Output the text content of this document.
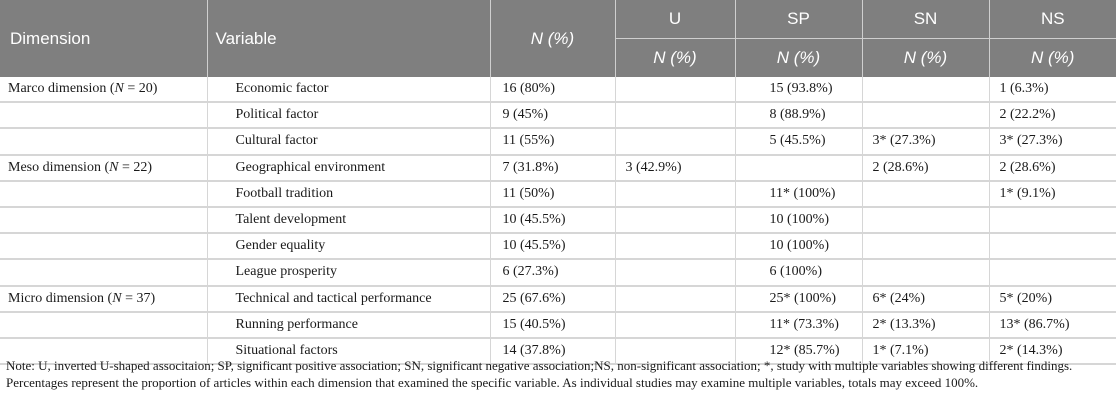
Dimension	Variable	N (%)	U	SP	SN	NS
			N (%)	N (%)	N (%)	N (%)
Marco dimension (N = 20)	Economic factor	16 (80%)		15 (93.8%)		1 (6.3%)
	Political factor	9 (45%)		8 (88.9%)		2 (22.2%)
	Cultural factor	11 (55%)		5 (45.5%)	3* (27.3%)	3* (27.3%)
Meso dimension (N = 22)	Geographical environment	7 (31.8%)	3 (42.9%)		2 (28.6%)	2 (28.6%)
	Football tradition	11 (50%)		11* (100%)		1* (9.1%)
	Talent development	10 (45.5%)		10 (100%)		
	Gender equality	10 (45.5%)		10 (100%)		
	League prosperity	6 (27.3%)		6 (100%)		
Micro dimension (N = 37)	Technical and tactical performance	25 (67.6%)		25* (100%)	6* (24%)	5* (20%)
	Running performance	15 (40.5%)		11* (73.3%)	2* (13.3%)	13* (86.7%)
	Situational factors	14 (37.8%)		12* (85.7%)	1* (7.1%)	2* (14.3%)
Note: U, inverted U-shaped associtaion; SP, significant positive association; SN, significant negative association;NS, non-significant association; *, study with multiple variables showing different findings. Percentages represent the proportion of articles within each dimension that examined the specific variable. As individual studies may examine multiple variables, totals may exceed 100%.
